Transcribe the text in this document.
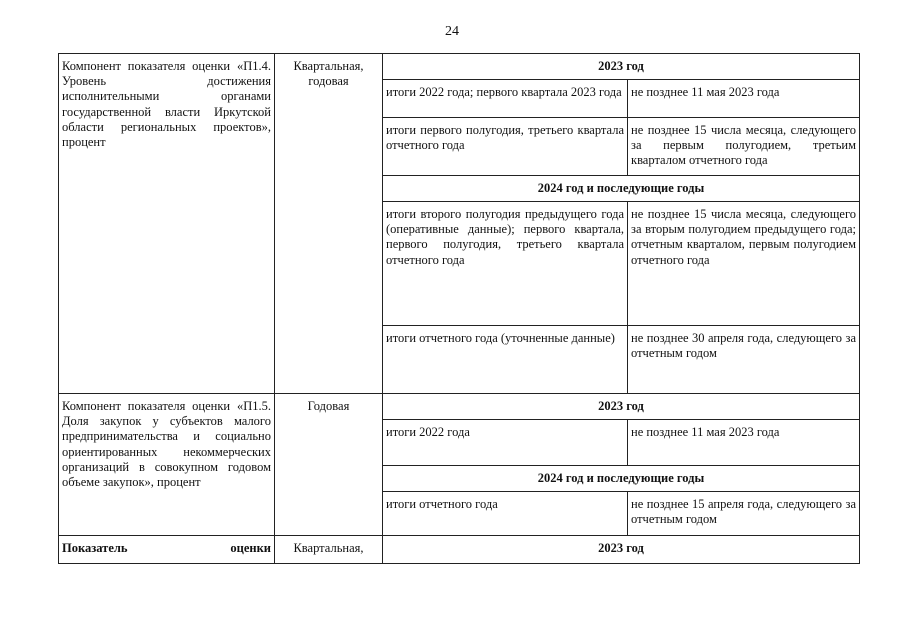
24
Компонент показателя оценки «П1.4. Уровень достижения исполнительными органами государственной власти Иркутской области региональных проектов», процент	Квартальная, годовая	2023 год	
		итоги 2022 года; первого квартала 2023 года	не позднее 11 мая 2023 года
		итоги первого полугодия, третьего квартала отчетного года	не позднее 15 числа месяца, следующего за первым полугодием, третьим кварталом отчетного года
		2024 год и последующие годы	
		итоги второго полугодия предыдущего года (оперативные данные); первого квартала, первого полугодия, третьего квартала отчетного года	не позднее 15 числа месяца, следующего за вторым полугодием предыдущего года; отчетным кварталом, первым полугодием отчетного года
		итоги отчетного года (уточненные данные)	не позднее 30 апреля года, следующего за отчетным годом

Компонент показателя оценки «П1.5. Доля закупок у субъектов малого предпринимательства и социально ориентированных некоммерческих организаций в совокупном годовом объеме закупок», процент	Годовая	2023 год	
		итоги 2022 года	не позднее 11 мая 2023 года
		2024 год и последующие годы	
		итоги отчетного года	не позднее 15 апреля года, следующего за отчетным годом

Показатель оценки	Квартальная,	2023 год	
